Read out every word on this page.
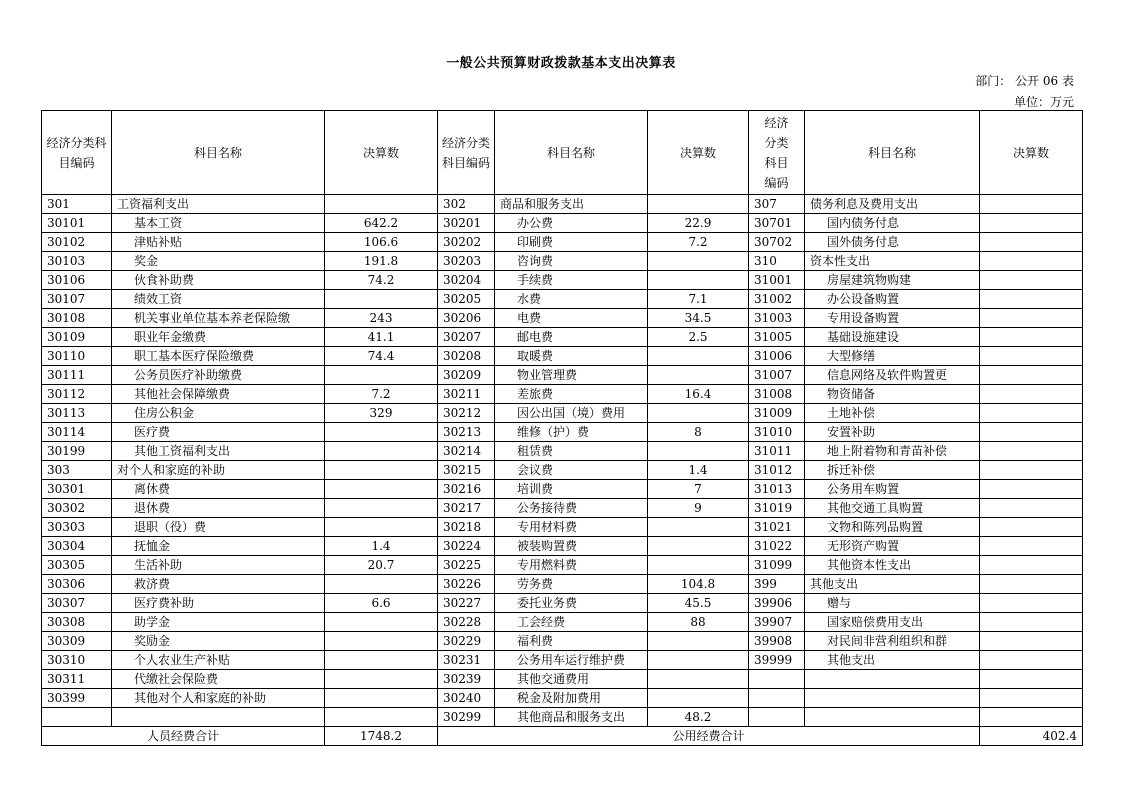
一般公共预算财政拨款基本支出决算表
部门： 公开 06 表
单位：万元
经济分类科目编码	科目名称	决算数	经济分类科目编码	科目名称	决算数	经济分类科目编码	科目名称	决算数
301	工资福利支出		302	商品和服务支出		307	债务利息及费用支出	
30101	基本工资	642.2	30201	办公费	22.9	30701	国内债务付息	
30102	津贴补贴	106.6	30202	印刷费	7.2	30702	国外债务付息	
30103	奖金	191.8	30203	咨询费		310	资本性支出	
30106	伙食补助费	74.2	30204	手续费		31001	房屋建筑物购建	
30107	绩效工资		30205	水费	7.1	31002	办公设备购置	
30108	机关事业单位基本养老保险缴	243	30206	电费	34.5	31003	专用设备购置	
30109	职业年金缴费	41.1	30207	邮电费	2.5	31005	基础设施建设	
30110	职工基本医疗保险缴费	74.4	30208	取暖费		31006	大型修缮	
30111	公务员医疗补助缴费		30209	物业管理费		31007	信息网络及软件购置更	
30112	其他社会保障缴费	7.2	30211	差旅费	16.4	31008	物资储备	
30113	住房公积金	329	30212	因公出国（境）费用		31009	土地补偿	
30114	医疗费		30213	维修（护）费	8	31010	安置补助	
30199	其他工资福利支出		30214	租赁费		31011	地上附着物和青苗补偿	
303	对个人和家庭的补助		30215	会议费	1.4	31012	拆迁补偿	
30301	离休费		30216	培训费	7	31013	公务用车购置	
30302	退休费		30217	公务接待费	9	31019	其他交通工具购置	
30303	退职（役）费		30218	专用材料费		31021	文物和陈列品购置	
30304	抚恤金	1.4	30224	被装购置费		31022	无形资产购置	
30305	生活补助	20.7	30225	专用燃料费		31099	其他资本性支出	
30306	救济费		30226	劳务费	104.8	399	其他支出	
30307	医疗费补助	6.6	30227	委托业务费	45.5	39906	赠与	
30308	助学金		30228	工会经费	88	39907	国家赔偿费用支出	
30309	奖励金		30229	福利费		39908	对民间非营利组织和群	
30310	个人农业生产补贴		30231	公务用车运行维护费		39999	其他支出	
30311	代缴社会保险费		30239	其他交通费用				
30399	其他对个人和家庭的补助		30240	税金及附加费用				
			30299	其他商品和服务支出	48.2			
人员经费合计		1748.2	公用经费合计					402.4
